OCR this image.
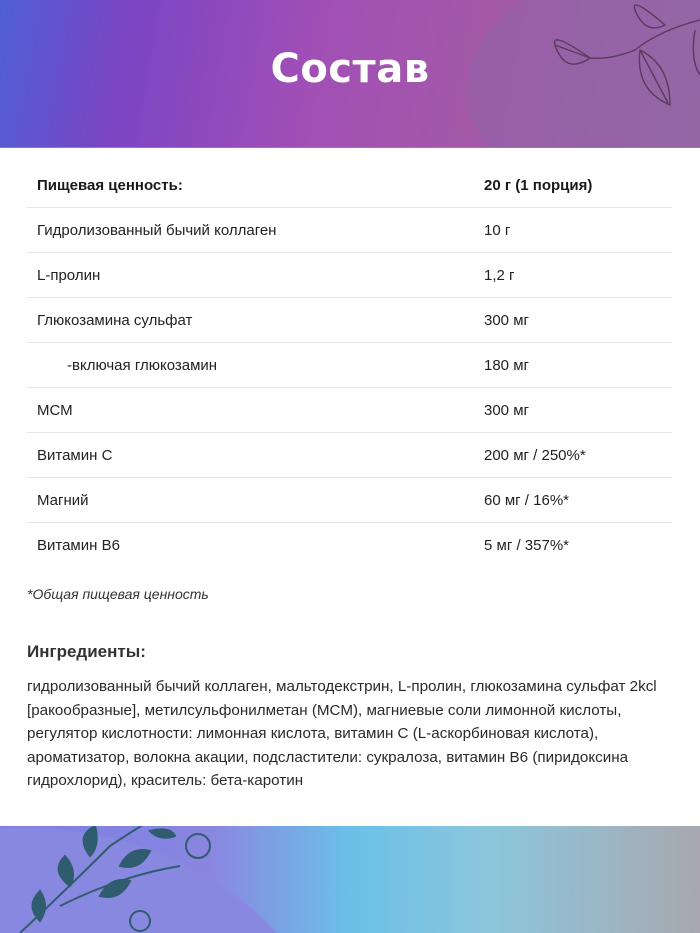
Состав
Пищевая ценность:	20 г (1 порция)
Гидролизованный бычий коллаген	10 г
L-пролин	1,2 г
Глюкозамина сульфат	300 мг
-включая глюкозамин	180 мг
МСМ	300 мг
Витамин С	200 мг / 250%*
Магний	60 мг / 16%*
Витамин В6	5 мг / 357%*
*Общая пищевая ценность
Ингредиенты:
гидролизованный бычий коллаген, мальтодекстрин, L-пролин, глюкозамина сульфат 2kcl [ракообразные], метилсульфонилметан (МСМ), магниевые соли лимонной кислоты, регулятор кислотности: лимонная кислота, витамин С (L-аскорбиновая кислота), ароматизатор, волокна акации, подсластители: сукралоза, витамин В6 (пиридоксина гидрохлорид), краситель: бета-каротин
